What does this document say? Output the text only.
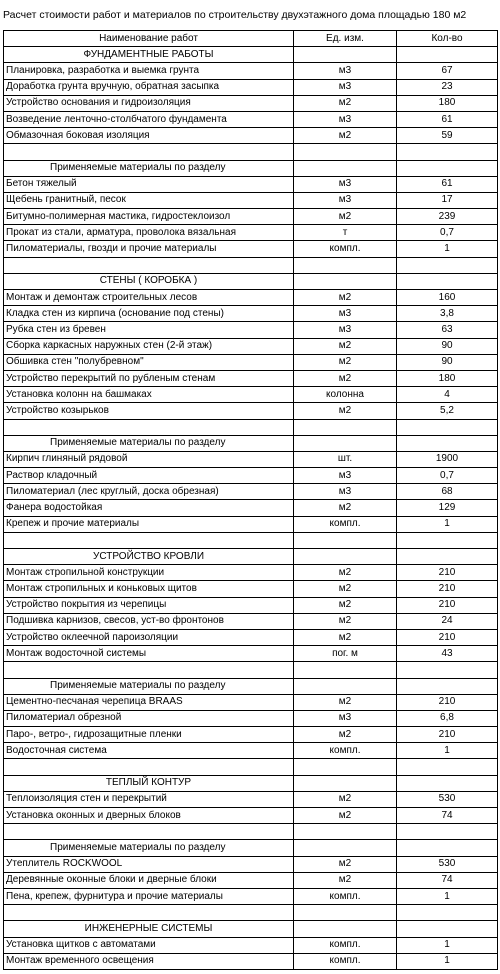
Расчет стоимости работ и материалов по строительству двухэтажного дома площадью 180 м2
Наименование работ	Ед. изм.	Кол-во
ФУНДАМЕНТНЫЕ РАБОТЫ		
Планировка, разработка и выемка грунта	м3	67
Доработка грунта вручную, обратная засыпка	м3	23
Устройство основания и гидроизоляция	м2	180
Возведение ленточно-столбчатого фундамента	м3	61
Обмазочная боковая изоляция	м2	59

Применяемые материалы по разделу		
Бетон тяжелый	м3	61
Щебень гранитный, песок	м3	17
Битумно-полимерная мастика, гидростеклоизол	м2	239
Прокат из стали, арматура, проволока вязальная	т	0,7
Пиломатериалы, гвозди и прочие материалы	компл.	1

СТЕНЫ ( КОРОБКА )		
Монтаж и демонтаж строительных лесов	м2	160
Кладка стен из кирпича (основание под стены)	м3	3,8
Рубка стен из бревен	м3	63
Сборка каркасных наружных стен (2-й этаж)	м2	90
Обшивка стен "полубревном"	м2	90
Устройство перекрытий по рубленым стенам	м2	180
Установка колонн на башмаках	колонна	4
Устройство козырьков	м2	5,2

Применяемые материалы по разделу		
Кирпич глиняный рядовой	шт.	1900
Раствор кладочный	м3	0,7
Пиломатериал (лес круглый, доска обрезная)	м3	68
Фанера водостойкая	м2	129
Крепеж и прочие материалы	компл.	1

УСТРОЙСТВО КРОВЛИ		
Монтаж стропильной конструкции	м2	210
Монтаж стропильных и коньковых щитов	м2	210
Устройство покрытия из черепицы	м2	210
Подшивка карнизов, свесов, уст-во фронтонов	м2	24
Устройство оклеечной пароизоляции	м2	210
Монтаж водосточной системы	пог. м	43

Применяемые материалы по разделу		
Цементно-песчаная черепица BRAAS	м2	210
Пиломатериал обрезной	м3	6,8
Паро-, ветро-, гидрозащитные пленки	м2	210
Водосточная система	компл.	1

ТЕПЛЫЙ КОНТУР		
Теплоизоляция стен и перекрытий	м2	530
Установка оконных и дверных блоков	м2	74

Применяемые материалы по разделу		
Утеплитель ROCKWOOL	м2	530
Деревянные оконные блоки и дверные блоки	м2	74
Пена, крепеж, фурнитура и прочие материалы	компл.	1

ИНЖЕНЕРНЫЕ СИСТЕМЫ		
Установка щитков с автоматами	компл.	1
Монтаж временного освещения	компл.	1
